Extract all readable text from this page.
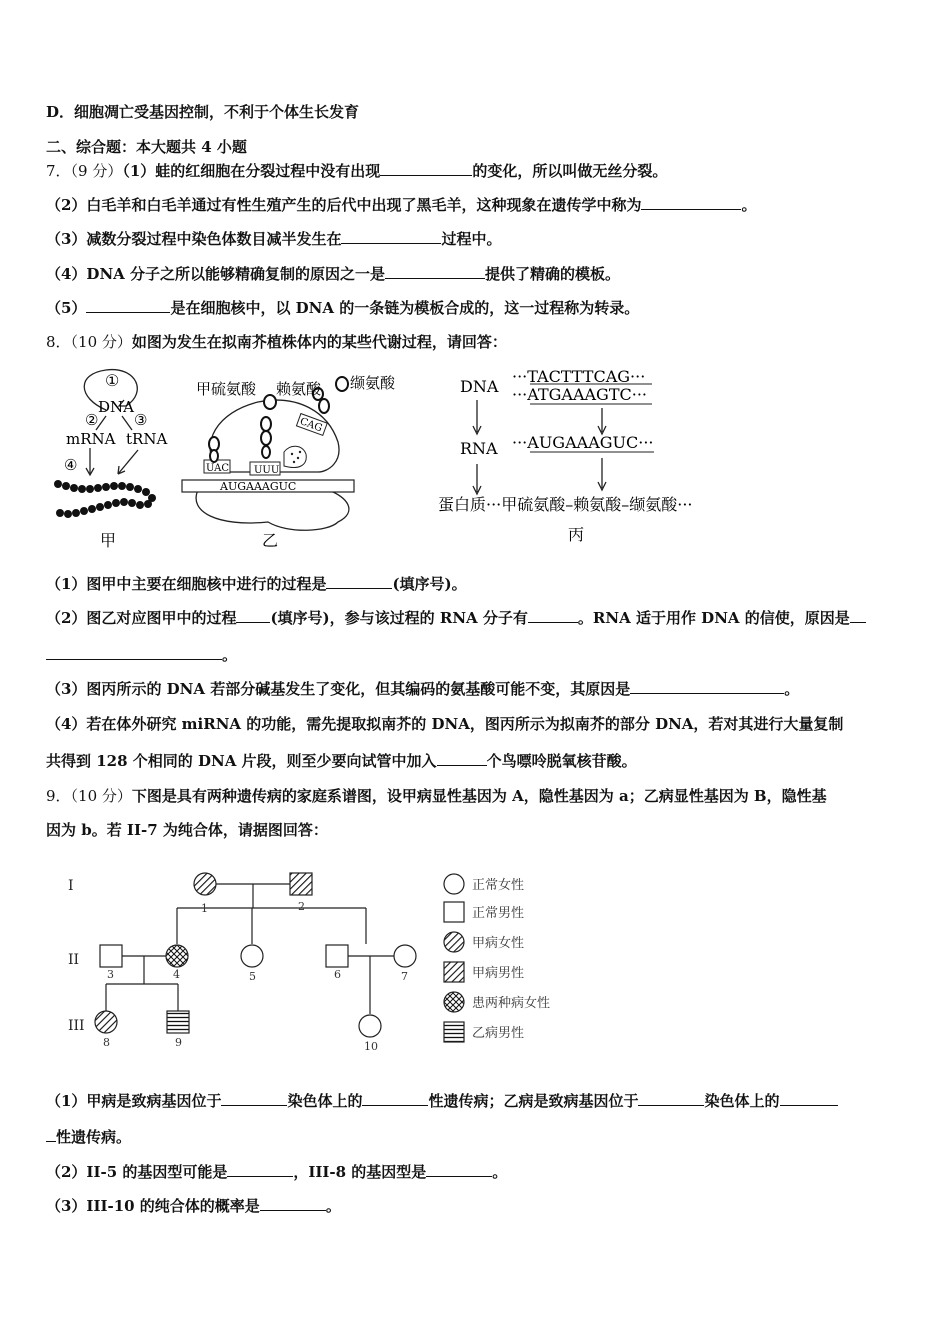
D．细胞凋亡受基因控制，不利于个体生长发育
二、综合题：本大题共 4 小题
7．（9 分）（1）蛙的红细胞在分裂过程中没有出现	的变化，所以叫做无丝分裂。
（2）白毛羊和白毛羊通过有性生殖产生的后代中出现了黑毛羊，这种现象在遗传学中称为	。
（3）减数分裂过程中染色体数目减半发生在	过程中。
（4）DNA 分子之所以能够精确复制的原因之一是	提供了精确的模板。
（5）	是在细胞核中，以 DNA 的一条链为模板合成的，这一过程称为转录。
8．（10 分）如图为发生在拟南芥植株体内的某些代谢过程，请回答：
①
DNA
② ③
mRNA tRNA
④
甲
AUGAAAGUC
UAC	UUU
CAG
甲硫氨酸 赖氨酸 缬氨酸
乙
DNA
···TACTTTCAG···
···ATGAAAGTC···
RNA ···AUGAAAGUC···
蛋白质···甲硫氨酸–赖氨酸–缬氨酸···
丙
（1）图甲中主要在细胞核中进行的过程是	(填序号)。
（2）图乙对应图甲中的过程 (填序号)，参与该过程的 RNA 分子有	。RNA 适于用作 DNA 的信使，原因是
。
（3）图丙所示的 DNA 若部分碱基发生了变化，但其编码的氨基酸可能不变，其原因是	。
（4）若在体外研究 miRNA 的功能，需先提取拟南芥的 DNA，图丙所示为拟南芥的部分 DNA，若对其进行大量复制
共得到 128 个相同的 DNA 片段，则至少要向试管中加入	个鸟嘌呤脱氧核苷酸。
9．（10 分）下图是具有两种遗传病的家庭系谱图，设甲病显性基因为 A，隐性基因为 a；乙病显性基因为 B，隐性基
因为 b。若 II-7 为纯合体，请据图回答：
I
II
III
1	2
3	4	5	6	7
8	9	10
正常女性
正常男性
甲病女性
甲病男性
患两种病女性
乙病男性
（1）甲病是致病基因位于	染色体上的	性遗传病；乙病是致病基因位于	染色体上的
性遗传病。
（2）II-5 的基因型可能是	，III-8 的基因型是	。
（3）III-10 的纯合体的概率是	。
